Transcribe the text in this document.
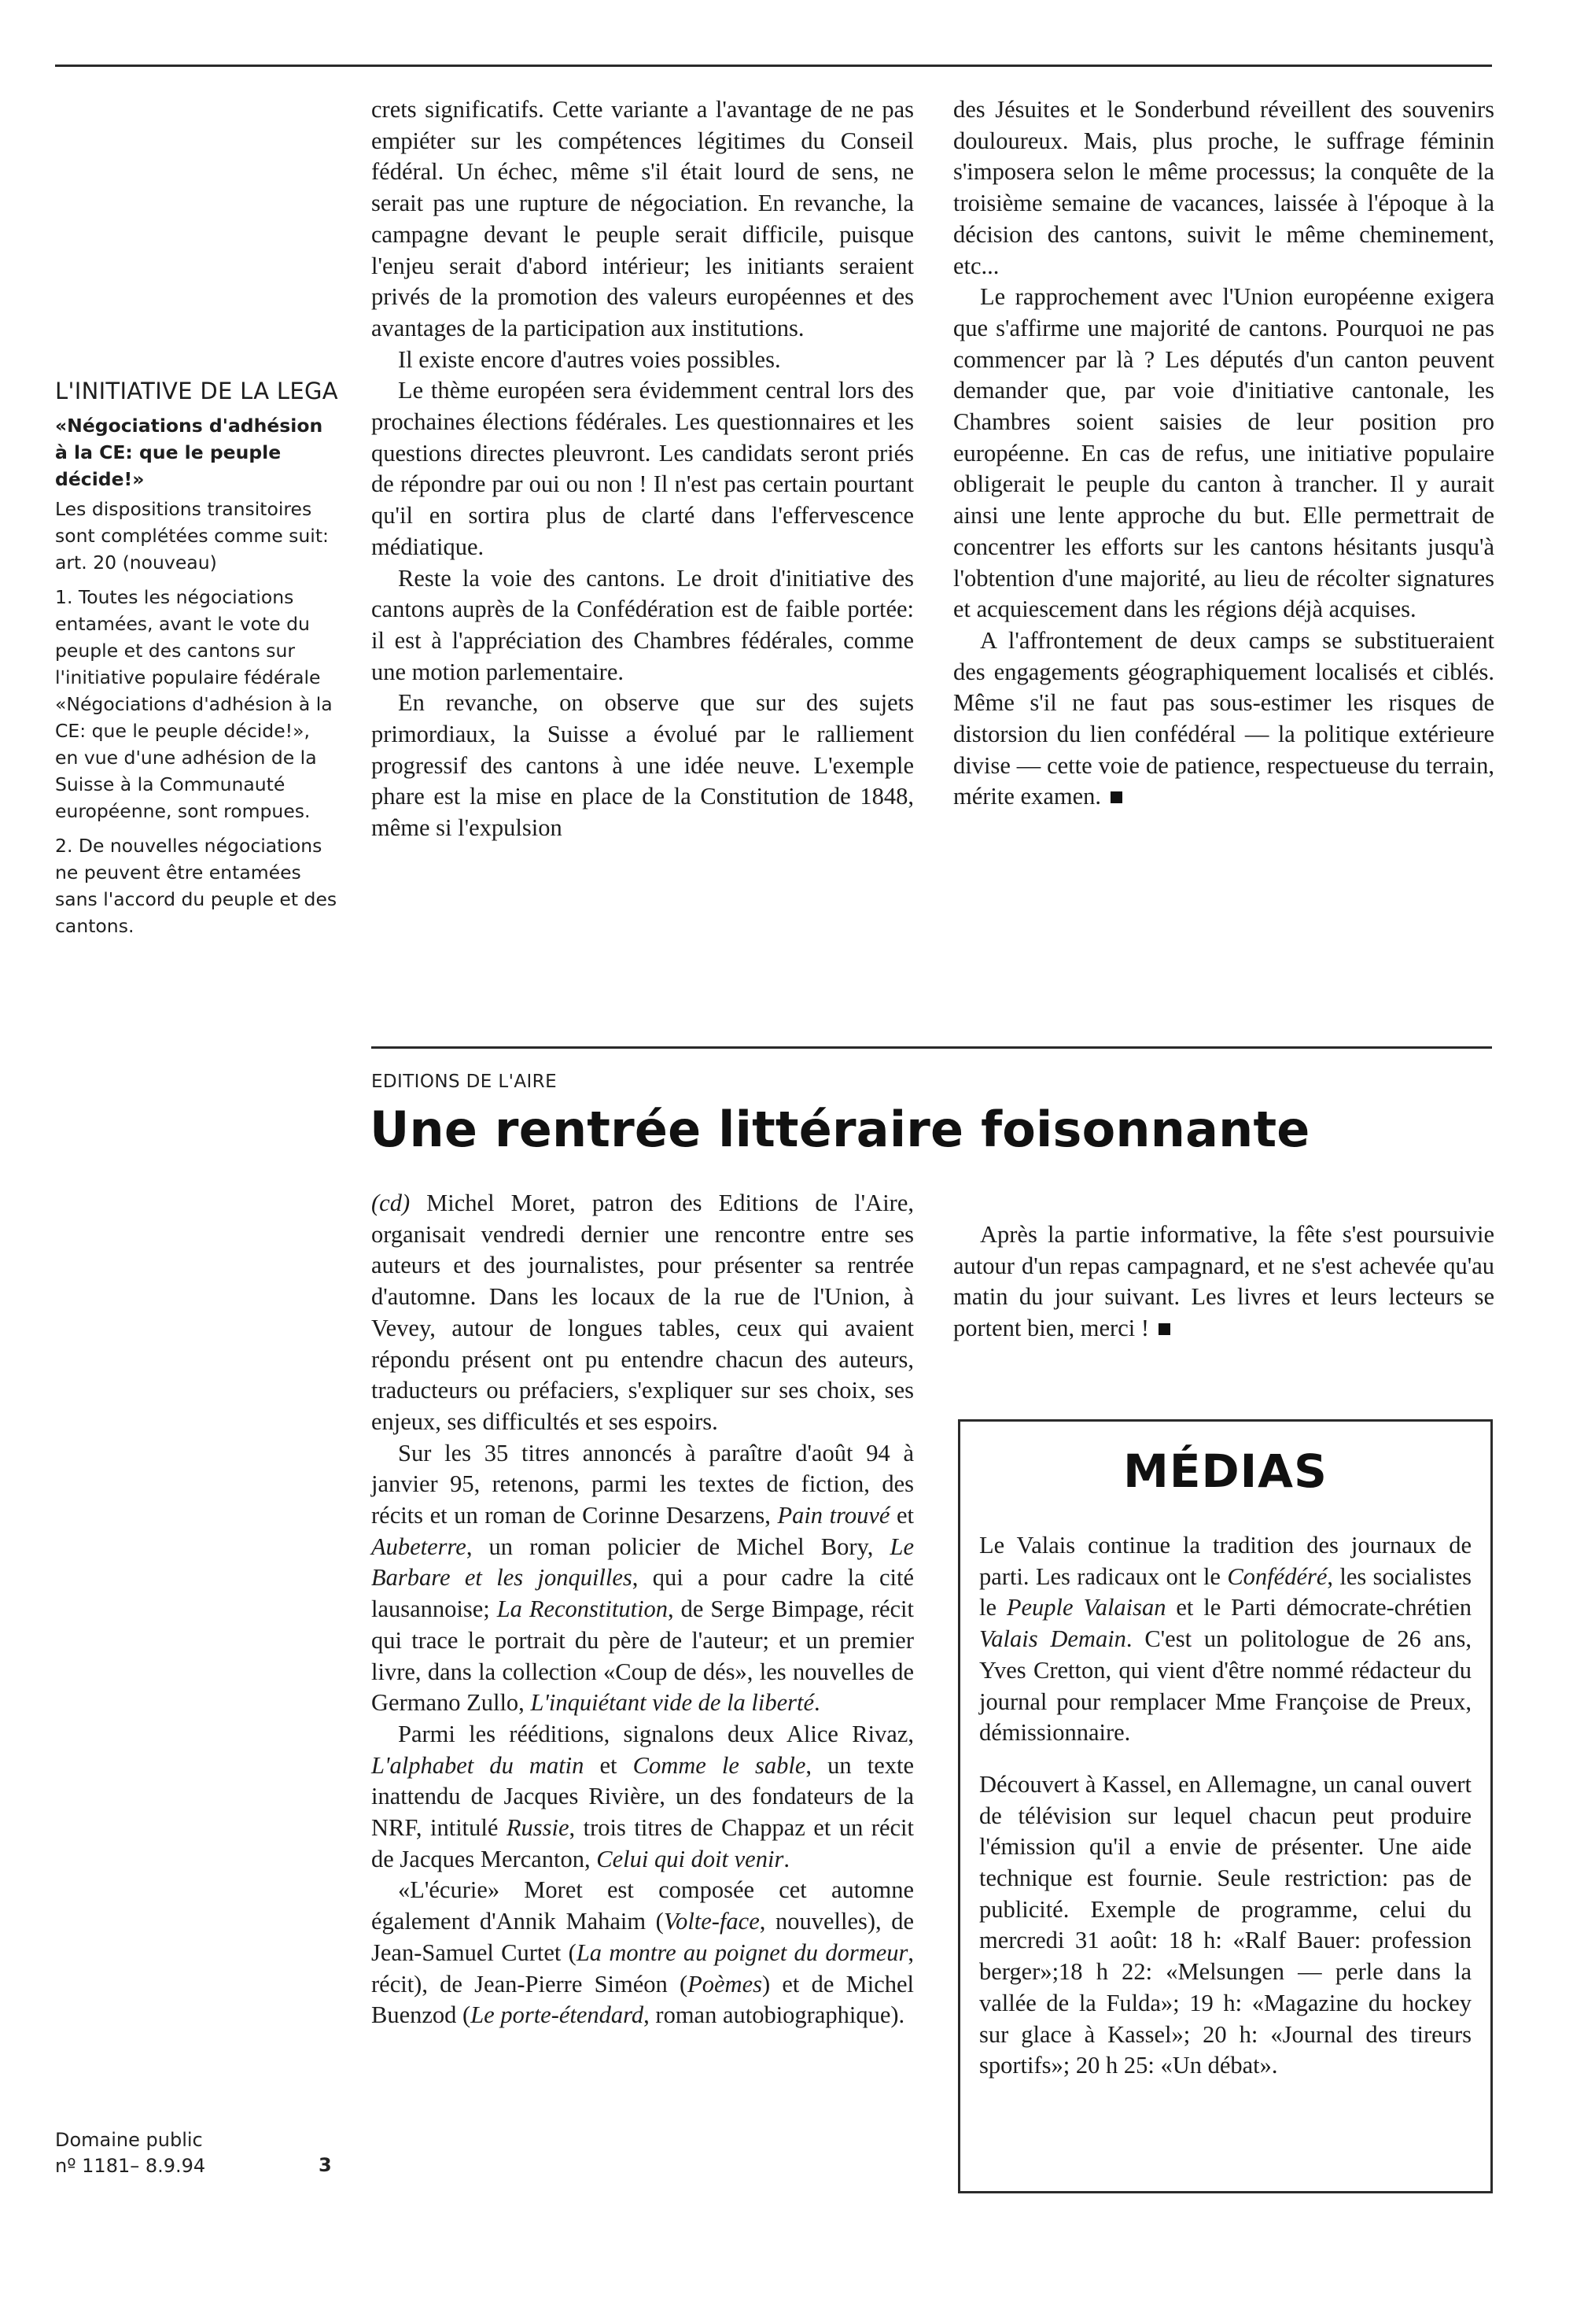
L'INITIATIVE DE LA LEGA
«Négociations d'adhésion à la CE: que le peuple décide!»

Les dispositions transitoires sont complétées comme suit: art. 20 (nouveau)

1. Toutes les négociations entamées, avant le vote du peuple et des cantons sur l'initiative populaire fédérale «Négociations d'adhésion à la CE: que le peuple décide!», en vue d'une adhésion de la Suisse à la Communauté européenne, sont rompues.

2. De nouvelles négociations ne peuvent être entamées sans l'accord du peuple et des cantons.

crets significatifs. Cette variante a l'avantage de ne pas empiéter sur les compétences légitimes du Conseil fédéral. Un échec, même s'il était lourd de sens, ne serait pas une rupture de négociation. En revanche, la campagne devant le peuple serait difficile, puisque l'enjeu serait d'abord intérieur; les initiants seraient privés de la promotion des valeurs européennes et des avantages de la participation aux institutions.

Il existe encore d'autres voies possibles.

Le thème européen sera évidemment central lors des prochaines élections fédérales. Les questionnaires et les questions directes pleuvront. Les candidats seront priés de répondre par oui ou non ! Il n'est pas certain pourtant qu'il en sortira plus de clarté dans l'effervescence médiatique.

Reste la voie des cantons. Le droit d'initiative des cantons auprès de la Confédération est de faible portée: il est à l'appréciation des Chambres fédérales, comme une motion parlementaire.

En revanche, on observe que sur des sujets primordiaux, la Suisse a évolué par le ralliement progressif des cantons à une idée neuve. L'exemple phare est la mise en place de la Constitution de 1848, même si l'expulsion

des Jésuites et le Sonderbund réveillent des souvenirs douloureux. Mais, plus proche, le suffrage féminin s'imposera selon le même processus; la conquête de la troisième semaine de vacances, laissée à l'époque à la décision des cantons, suivit le même cheminement, etc...

Le rapprochement avec l'Union européenne exigera que s'affirme une majorité de cantons. Pourquoi ne pas commencer par là ? Les députés d'un canton peuvent demander que, par voie d'initiative cantonale, les Chambres soient saisies de leur position pro européenne. En cas de refus, une initiative populaire obligerait le peuple du canton à trancher. Il y aurait ainsi une lente approche du but. Elle permettrait de concentrer les efforts sur les cantons hésitants jusqu'à l'obtention d'une majorité, au lieu de récolter signatures et acquiescement dans les régions déjà acquises.

A l'affrontement de deux camps se substitueraient des engagements géographiquement localisés et ciblés. Même s'il ne faut pas sous-estimer les risques de distorsion du lien confédéral — la politique extérieure divise — cette voie de patience, respectueuse du terrain, mérite examen.

EDITIONS DE L'AIRE
Une rentrée littéraire foisonnante

(cd) Michel Moret, patron des Editions de l'Aire, organisait vendredi dernier une rencontre entre ses auteurs et des journalistes, pour présenter sa rentrée d'automne. Dans les locaux de la rue de l'Union, à Vevey, autour de longues tables, ceux qui avaient répondu présent ont pu entendre chacun des auteurs, traducteurs ou préfaciers, s'expliquer sur ses choix, ses enjeux, ses difficultés et ses espoirs.

Sur les 35 titres annoncés à paraître d'août 94 à janvier 95, retenons, parmi les textes de fiction, des récits et un roman de Corinne Desarzens, Pain trouvé et Aubeterre, un roman policier de Michel Bory, Le Barbare et les jonquilles, qui a pour cadre la cité lausannoise; La Reconstitution, de Serge Bimpage, récit qui trace le portrait du père de l'auteur; et un premier livre, dans la collection «Coup de dés», les nouvelles de Germano Zullo, L'inquiétant vide de la liberté.

Parmi les rééditions, signalons deux Alice Rivaz, L'alphabet du matin et Comme le sable, un texte inattendu de Jacques Rivière, un des fondateurs de la NRF, intitulé Russie, trois titres de Chappaz et un récit de Jacques Mercanton, Celui qui doit venir.

«L'écurie» Moret est composée cet automne également d'Annik Mahaim (Volte-face, nouvelles), de Jean-Samuel Curtet (La montre au poignet du dormeur, récit), de Jean-Pierre Siméon (Poèmes) et de Michel Buenzod (Le porte-étendard, roman autobiographique).

Après la partie informative, la fête s'est poursuivie autour d'un repas campagnard, et ne s'est achevée qu'au matin du jour suivant. Les livres et leurs lecteurs se portent bien, merci !

MÉDIAS

Le Valais continue la tradition des journaux de parti. Les radicaux ont le Confédéré, les socialistes le Peuple Valaisan et le Parti démocrate-chrétien Valais Demain. C'est un politologue de 26 ans, Yves Cretton, qui vient d'être nommé rédacteur du journal pour remplacer Mme Françoise de Preux, démissionnaire.

Découvert à Kassel, en Allemagne, un canal ouvert de télévision sur lequel chacun peut produire l'émission qu'il a envie de présenter. Une aide technique est fournie. Seule restriction: pas de publicité. Exemple de programme, celui du mercredi 31 août: 18 h: «Ralf Bauer: profession berger»;18 h 22: «Melsungen — perle dans la vallée de la Fulda»; 19 h: «Magazine du hockey sur glace à Kassel»; 20 h: «Journal des tireurs sportifs»; 20 h 25: «Un débat».

Domaine public
nº 1181– 8.9.94	3
